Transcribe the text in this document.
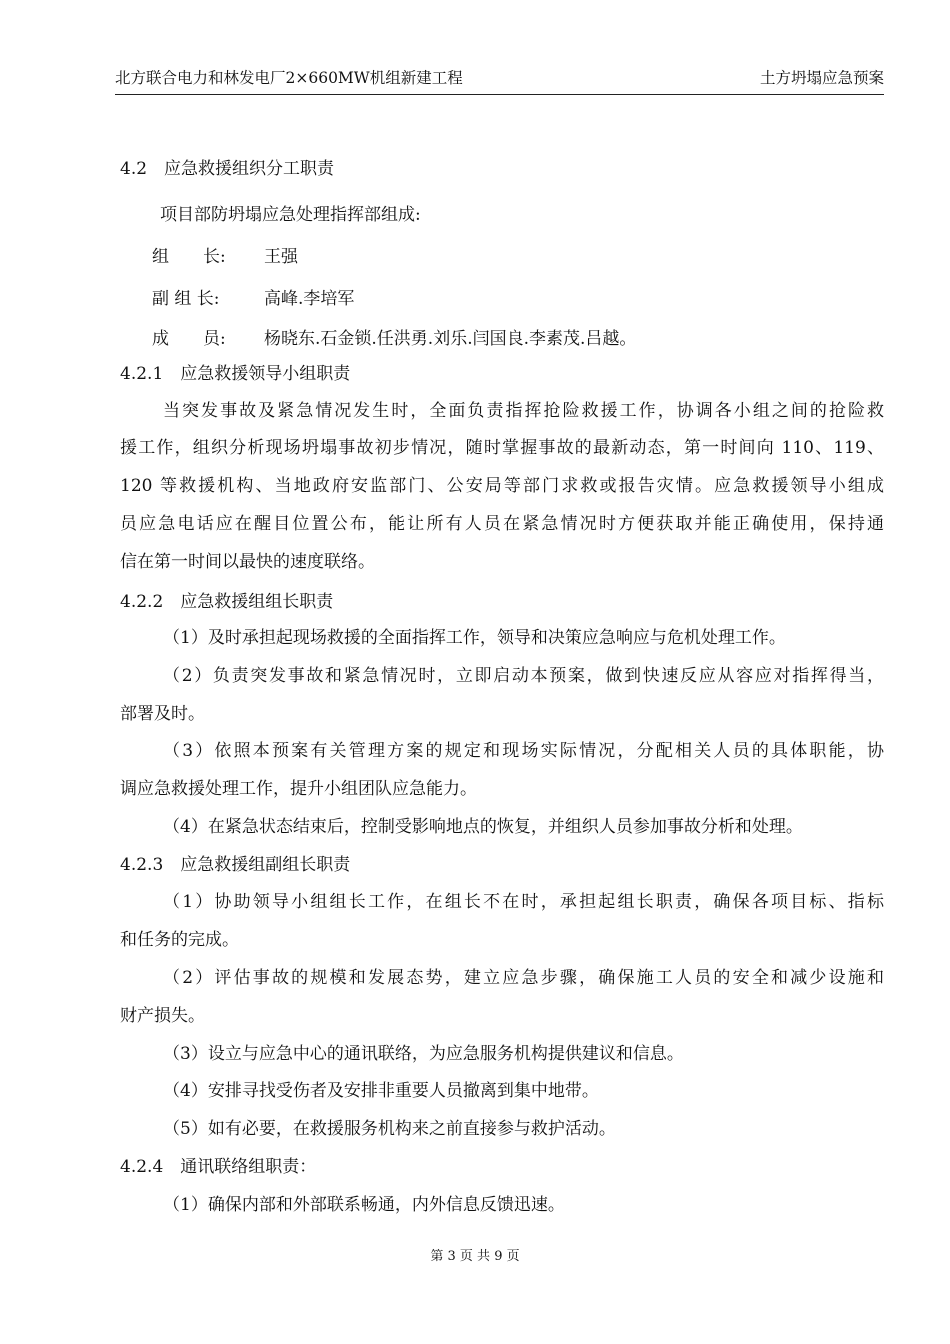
北方联合电力和林发电厂2×660MW机组新建工程	土方坍塌应急预案
4.2　应急救援组织分工职责
项目部防坍塌应急处理指挥部组成:
组　　长: 王强
副 组 长:	高峰.李培军
成　　员: 杨晓东.石金锁.任洪勇.刘乐.闫国良.李素茂.吕越。
4.2.1　应急救援领导小组职责
当突发事故及紧急情况发生时，全面负责指挥抢险救援工作，协调各小组之间的抢险救
援工作，组织分析现场坍塌事故初步情况，随时掌握事故的最新动态，第一时间向 110、119、
120 等救援机构、当地政府安监部门、公安局等部门求救或报告灾情。应急救援领导小组成
员应急电话应在醒目位置公布，能让所有人员在紧急情况时方便获取并能正确使用，保持通
信在第一时间以最快的速度联络。
4.2.2　应急救援组组长职责
（1）及时承担起现场救援的全面指挥工作，领导和决策应急响应与危机处理工作。
（2）负责突发事故和紧急情况时，立即启动本预案，做到快速反应从容应对指挥得当，
部署及时。
（3）依照本预案有关管理方案的规定和现场实际情况，分配相关人员的具体职能，协
调应急救援处理工作，提升小组团队应急能力。
（4）在紧急状态结束后，控制受影响地点的恢复，并组织人员参加事故分析和处理。
4.2.3　应急救援组副组长职责
（1）协助领导小组组长工作，在组长不在时，承担起组长职责，确保各项目标、指标
和任务的完成。
（2）评估事故的规模和发展态势，建立应急步骤，确保施工人员的安全和减少设施和
财产损失。
（3）设立与应急中心的通讯联络，为应急服务机构提供建议和信息。
（4）安排寻找受伤者及安排非重要人员撤离到集中地带。
（5）如有必要，在救援服务机构来之前直接参与救护活动。
4.2.4　通讯联络组职责：
（1）确保内部和外部联系畅通，内外信息反馈迅速。
第 3 页 共 9 页
